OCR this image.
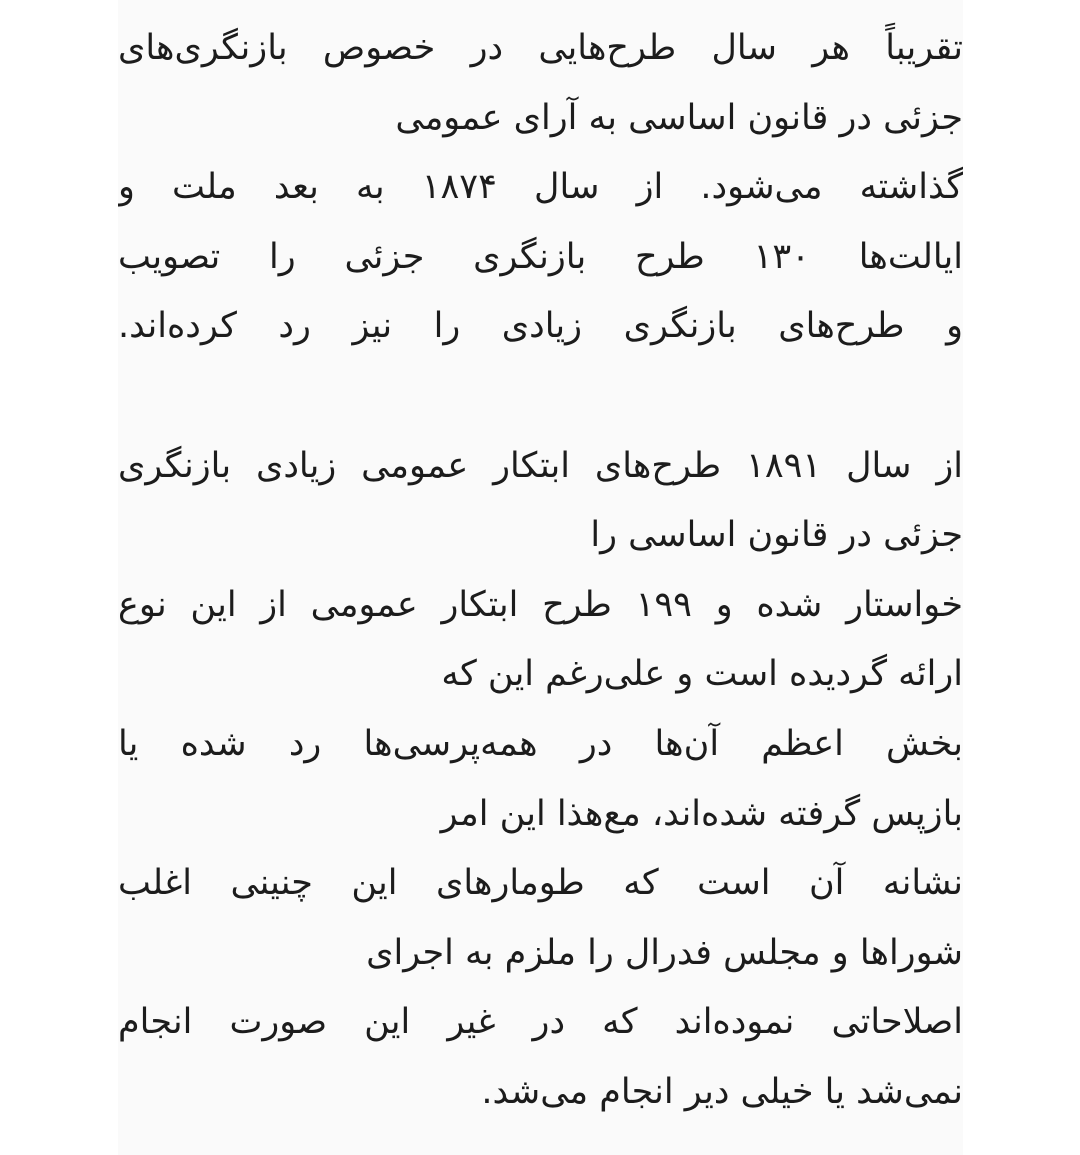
تقریباً هر سال طرح‌هایی در خصوص بازنگری‌های
جزئی در قانون اساسی به آرای عمومی
گذاشته می‌شود. از سال ۱۸۷۴ به بعد ملت و
ایالت‌ها ۱۳۰ طرح بازنگری جزئی را تصویب
و طرح‌های بازنگری زیادی را نیز رد کرده‌اند.
از سال ۱۸۹۱ طرح‌های ابتکار عمومی زیادی بازنگری
جزئی در قانون اساسی را
خواستار شده و ۱۹۹ طرح ابتکار عمومی از این نوع
ارائه گردیده است و علی‌رغم این که
بخش اعظم آن‌ها در همه‌پرسی‌ها رد شده یا
بازپس گرفته شده‌اند، مع‌هذا این امر
نشانه آن است که طومارهای این چنینی اغلب
شوراها و مجلس فدرال را ملزم به اجرای
اصلاحاتی نموده‌اند که در غیر این صورت انجام
نمی‌شد یا خیلی دیر انجام می‌شد.
